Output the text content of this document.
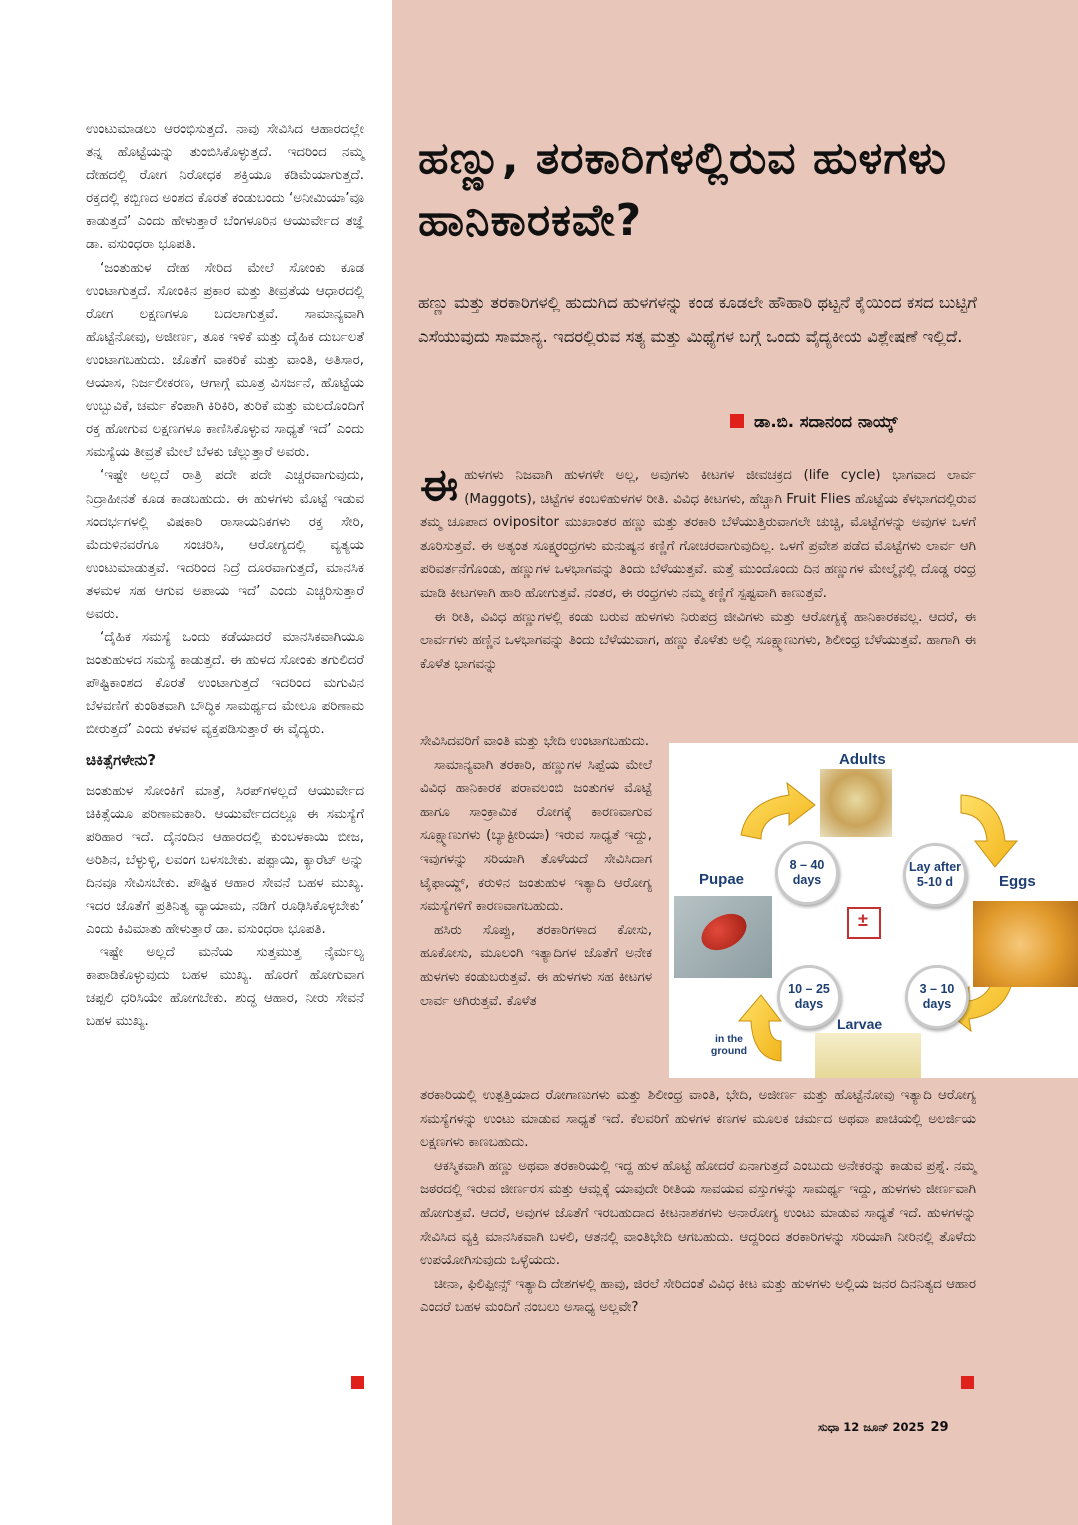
ಉಂಟುಮಾಡಲು ಆರಂಭಿಸುತ್ತದೆ. ನಾವು ಸೇವಿಸಿದ ಆಹಾರದಲ್ಲೇ ತನ್ನ ಹೊಟ್ಟೆಯನ್ನು ತುಂಬಿಸಿಕೊಳ್ಳುತ್ತದೆ. ಇದರಿಂದ ನಮ್ಮ ದೇಹದಲ್ಲಿ ರೋಗ ನಿರೋಧಕ ಶಕ್ತಿಯೂ ಕಡಿಮೆಯಾಗುತ್ತದೆ. ರಕ್ತದಲ್ಲಿ ಕಬ್ಬಿಣದ ಅಂಶದ ಕೊರತೆ ಕಂಡುಬಂದು ‘ಅನೀಮಿಯಾ’ವೂ ಕಾಡುತ್ತದೆ’ ಎಂದು ಹೇಳುತ್ತಾರೆ ಬೆಂಗಳೂರಿನ ಆಯುರ್ವೇದ ತಜ್ಞೆ ಡಾ. ವಸುಂಧರಾ ಭೂಪತಿ.

‘ಜಂತುಹುಳ ದೇಹ ಸೇರಿದ ಮೇಲೆ ಸೋಂಕು ಕೂಡ ಉಂಟಾಗುತ್ತದೆ. ಸೋಂಕಿನ ಪ್ರಕಾರ ಮತ್ತು ತೀವ್ರತೆಯ ಆಧಾರದಲ್ಲಿ ರೋಗ ಲಕ್ಷಣಗಳೂ ಬದಲಾಗುತ್ತವೆ. ಸಾಮಾನ್ಯವಾಗಿ ಹೊಟ್ಟೆನೋವು, ಅಜೀರ್ಣ, ತೂಕ ಇಳಿಕೆ ಮತ್ತು ದೈಹಿಕ ದುರ್ಬಲತೆ ಉಂಟಾಗಬಹುದು. ಜೊತೆಗೆ ವಾಕರಿಕೆ ಮತ್ತು ವಾಂತಿ, ಅತಿಸಾರ, ಆಯಾಸ, ನಿರ್ಜಲೀಕರಣ, ಆಗಾಗ್ಗೆ ಮೂತ್ರ ವಿಸರ್ಜನೆ, ಹೊಟ್ಟೆಯ ಉಬ್ಬುವಿಕೆ, ಚರ್ಮ ಕೆಂಪಾಗಿ ಕಿರಿಕಿರಿ, ತುರಿಕೆ ಮತ್ತು ಮಲದೊಂದಿಗೆ ರಕ್ತ ಹೋಗುವ ಲಕ್ಷಣಗಳೂ ಕಾಣಿಸಿಕೊಳ್ಳುವ ಸಾಧ್ಯತೆ ಇದೆ’ ಎಂದು ಸಮಸ್ಯೆಯ ತೀವ್ರತೆ ಮೇಲೆ ಬೆಳಕು ಚೆಲ್ಲುತ್ತಾರೆ ಅವರು.

‘ಇಷ್ಟೇ ಅಲ್ಲದೆ ರಾತ್ರಿ ಪದೇ ಪದೇ ಎಚ್ಚರವಾಗುವುದು, ನಿದ್ರಾಹೀನತೆ ಕೂಡ ಕಾಡಬಹುದು. ಈ ಹುಳಗಳು ಮೊಟ್ಟೆ ಇಡುವ ಸಂದರ್ಭಗಳಲ್ಲಿ ವಿಷಕಾರಿ ರಾಸಾಯನಿಕಗಳು ರಕ್ತ ಸೇರಿ, ಮೆದುಳಿನವರೆಗೂ ಸಂಚರಿಸಿ, ಆರೋಗ್ಯದಲ್ಲಿ ವ್ಯತ್ಯಯ ಉಂಟುಮಾಡುತ್ತವೆ. ಇದರಿಂದ ನಿದ್ರೆ ದೂರವಾಗುತ್ತದೆ, ಮಾನಸಿಕ ತಳಮಳ ಸಹ ಆಗುವ ಅಪಾಯ ಇದೆ’ ಎಂದು ಎಚ್ಚರಿಸುತ್ತಾರೆ ಅವರು.

‘ದೈಹಿಕ ಸಮಸ್ಯೆ ಒಂದು ಕಡೆಯಾದರೆ ಮಾನಸಿಕವಾಗಿಯೂ ಜಂತುಹುಳದ ಸಮಸ್ಯೆ ಕಾಡುತ್ತದೆ. ಈ ಹುಳದ ಸೋಂಕು ತಗುಲಿದರೆ ಪೌಷ್ಟಿಕಾಂಶದ ಕೊರತೆ ಉಂಟಾಗುತ್ತದೆ ಇದರಿಂದ ಮಗುವಿನ ಬೆಳವಣಿಗೆ ಕುಂಠಿತವಾಗಿ ಬೌದ್ಧಿಕ ಸಾಮರ್ಥ್ಯದ ಮೇಲೂ ಪರಿಣಾಮ ಬೀರುತ್ತದೆ’ ಎಂದು ಕಳವಳ ವ್ಯಕ್ತಪಡಿಸುತ್ತಾರೆ ಈ ವೈದ್ಯರು.

ಚಿಕಿತ್ಸೆಗಳೇನು?

ಜಂತುಹುಳ ಸೋಂಕಿಗೆ ಮಾತ್ರೆ, ಸಿರಪ್‌ಗಳಲ್ಲದೆ ಆಯುರ್ವೇದ ಚಿಕಿತ್ಸೆಯೂ ಪರಿಣಾಮಕಾರಿ. ಆಯುರ್ವೇದದಲ್ಲೂ ಈ ಸಮಸ್ಯೆಗೆ ಪರಿಹಾರ ಇದೆ. ದೈನಂದಿನ ಆಹಾರದಲ್ಲಿ ಕುಂಬಳಕಾಯಿ ಬೀಜ, ಅರಿಶಿನ, ಬೆಳ್ಳುಳ್ಳಿ, ಲವಂಗ ಬಳಸಬೇಕು. ಪಪ್ಪಾಯಿ, ಕ್ಯಾರೆಟ್ ಅನ್ನು ದಿನವೂ ಸೇವಿಸಬೇಕು. ಪೌಷ್ಟಿಕ ಆಹಾರ ಸೇವನೆ ಬಹಳ ಮುಖ್ಯ. ಇದರ ಜೊತೆಗೆ ಪ್ರತಿನಿತ್ಯ ವ್ಯಾಯಾಮ, ನಡಿಗೆ ರೂಢಿಸಿಕೊಳ್ಳಬೇಕು’ ಎಂದು ಕಿವಿಮಾತು ಹೇಳುತ್ತಾರೆ ಡಾ. ವಸುಂಧರಾ ಭೂಪತಿ.

ಇಷ್ಟೇ ಅಲ್ಲದೆ ಮನೆಯ ಸುತ್ತಮುತ್ತ ನೈರ್ಮಲ್ಯ ಕಾಪಾಡಿಕೊಳ್ಳುವುದು ಬಹಳ ಮುಖ್ಯ. ಹೊರಗೆ ಹೋಗುವಾಗ ಚಪ್ಪಲಿ ಧರಿಸಿಯೇ ಹೋಗಬೇಕು. ಶುದ್ಧ ಆಹಾರ, ನೀರು ಸೇವನೆ ಬಹಳ ಮುಖ್ಯ.

ಹಣ್ಣು, ತರಕಾರಿಗಳಲ್ಲಿರುವ ಹುಳಗಳು ಹಾನಿಕಾರಕವೇ?

ಹಣ್ಣು ಮತ್ತು ತರಕಾರಿಗಳಲ್ಲಿ ಹುದುಗಿದ ಹುಳಗಳನ್ನು ಕಂಡ ಕೂಡಲೇ ಹೌಹಾರಿ ಥಟ್ಟನೆ ಕೈಯಿಂದ ಕಸದ ಬುಟ್ಟಿಗೆ ಎಸೆಯುವುದು ಸಾಮಾನ್ಯ. ಇದರಲ್ಲಿರುವ ಸತ್ಯ ಮತ್ತು ಮಿಥ್ಯೆಗಳ ಬಗ್ಗೆ ಒಂದು ವೈದ್ಯಕೀಯ ವಿಶ್ಲೇಷಣೆ ಇಲ್ಲಿದೆ.

ಡಾ.ಬಿ. ಸದಾನಂದ ನಾಯ್ಕ್

ಈಹುಳಗಳು ನಿಜವಾಗಿ ಹುಳಗಳೇ ಅಲ್ಲ, ಅವುಗಳು ಕೀಟಗಳ ಜೀವಚಕ್ರದ (life cycle) ಭಾಗವಾದ ಲಾರ್ವ (Maggots), ಚಿಟ್ಟೆಗಳ ಕಂಬಳಿಹುಳಗಳ ರೀತಿ. ವಿವಿಧ ಕೀಟಗಳು, ಹೆಚ್ಚಾಗಿ Fruit Flies ಹೊಟ್ಟೆಯ ಕೆಳಭಾಗದಲ್ಲಿರುವ ತಮ್ಮ ಚೂಪಾದ ovipositor ಮುಖಾಂತರ ಹಣ್ಣು ಮತ್ತು ತರಕಾರಿ ಬೆಳೆಯುತ್ತಿರುವಾಗಲೇ ಚುಚ್ಚಿ, ಮೊಟ್ಟೆಗಳನ್ನು ಅವುಗಳ ಒಳಗೆ ತೂರಿಸುತ್ತವೆ. ಈ ಅತ್ಯಂತ ಸೂಕ್ಷ್ಮರಂಧ್ರಗಳು ಮನುಷ್ಯನ ಕಣ್ಣಿಗೆ ಗೋಚರವಾಗುವುದಿಲ್ಲ. ಒಳಗೆ ಪ್ರವೇಶ ಪಡೆದ ಮೊಟ್ಟೆಗಳು ಲಾರ್ವ ಆಗಿ ಪರಿವರ್ತನೆಗೊಂಡು, ಹಣ್ಣುಗಳ ಒಳಭಾಗವನ್ನು ತಿಂದು ಬೆಳೆಯುತ್ತವೆ. ಮತ್ತೆ ಮುಂದೊಂದು ದಿನ ಹಣ್ಣುಗಳ ಮೇಲ್ಮೈನಲ್ಲಿ ದೊಡ್ಡ ರಂಧ್ರ ಮಾಡಿ ಕೀಟಗಳಾಗಿ ಹಾರಿ ಹೋಗುತ್ತವೆ. ನಂತರ, ಈ ರಂಧ್ರಗಳು ನಮ್ಮ ಕಣ್ಣಿಗೆ ಸ್ಪಷ್ಟವಾಗಿ ಕಾಣುತ್ತವೆ.

ಈ ರೀತಿ, ವಿವಿಧ ಹಣ್ಣುಗಳಲ್ಲಿ ಕಂಡು ಬರುವ ಹುಳಗಳು ನಿರುಪದ್ರ ಜೀವಿಗಳು ಮತ್ತು ಆರೋಗ್ಯಕ್ಕೆ ಹಾನಿಕಾರಕವಲ್ಲ. ಆದರೆ, ಈ ಲಾರ್ವಗಳು ಹಣ್ಣಿನ ಒಳಭಾಗವನ್ನು ತಿಂದು ಬೆಳೆಯುವಾಗ, ಹಣ್ಣು ಕೊಳೆತು ಅಲ್ಲಿ ಸೂಕ್ಷ್ಮಾಣುಗಳು, ಶಿಲೀಂಧ್ರ ಬೆಳೆಯುತ್ತವೆ. ಹಾಗಾಗಿ ಈ ಕೊಳೆತ ಭಾಗವನ್ನು

ಸೇವಿಸಿದವರಿಗೆ ವಾಂತಿ ಮತ್ತು ಭೇದಿ ಉಂಟಾಗಬಹುದು.

ಸಾಮಾನ್ಯವಾಗಿ ತರಕಾರಿ, ಹಣ್ಣುಗಳ ಸಿಪ್ಪೆಯ ಮೇಲೆ ವಿವಿಧ ಹಾನಿಕಾರಕ ಪರಾವಲಂಬಿ ಜಂತುಗಳ ಮೊಟ್ಟೆ ಹಾಗೂ ಸಾಂಕ್ರಾಮಿಕ ರೋಗಕ್ಕೆ ಕಾರಣವಾಗುವ ಸೂಕ್ಷ್ಮಾಣುಗಳು (ಬ್ಯಾಕ್ಟೀರಿಯಾ) ಇರುವ ಸಾಧ್ಯತೆ ಇದ್ದು, ಇವುಗಳನ್ನು ಸರಿಯಾಗಿ ತೊಳೆಯದೆ ಸೇವಿಸಿದಾಗ ಟೈಫಾಯ್ಡ್, ಕರುಳಿನ ಜಂತುಹುಳ ಇತ್ಯಾದಿ ಆರೋಗ್ಯ ಸಮಸ್ಯೆಗಳಿಗೆ ಕಾರಣವಾಗಬಹುದು.

ಹಸಿರು ಸೊಪ್ಪು, ತರಕಾರಿಗಳಾದ ಕೋಸು, ಹೂಕೋಸು, ಮೂಲಂಗಿ ಇತ್ಯಾದಿಗಳ ಜೊತೆಗೆ ಅನೇಕ ಹುಳಗಳು ಕಂಡುಬರುತ್ತವೆ. ಈ ಹುಳಗಳು ಸಹ ಕೀಟಗಳ ಲಾರ್ವ ಆಗಿರುತ್ತವೆ. ಕೊಳೆತ

Adults
Eggs
Larvae
Pupae
in the ground
8 – 40 days
Lay after 5-10 d
3 – 10 days
10 – 25 days
±

ತರಕಾರಿಯಲ್ಲಿ ಉತ್ಪತ್ತಿಯಾದ ರೋಗಾಣುಗಳು ಮತ್ತು ಶಿಲೀಂಧ್ರ ವಾಂತಿ, ಭೇದಿ, ಅಜೀರ್ಣ ಮತ್ತು ಹೊಟ್ಟೆನೋವು ಇತ್ಯಾದಿ ಆರೋಗ್ಯ ಸಮಸ್ಯೆಗಳನ್ನು ಉಂಟು ಮಾಡುವ ಸಾಧ್ಯತೆ ಇದೆ. ಕೆಲವರಿಗೆ ಹುಳಗಳ ಕಣಗಳ ಮೂಲಕ ಚರ್ಮದ ಅಥವಾ ಪಾಚಿಯಲ್ಲಿ ಅಲರ್ಜಿಯ ಲಕ್ಷಣಗಳು ಕಾಣಬಹುದು.

ಆಕಸ್ಮಿಕವಾಗಿ ಹಣ್ಣು ಅಥವಾ ತರಕಾರಿಯಲ್ಲಿ ಇದ್ದ ಹುಳ ಹೊಟ್ಟೆ ಹೋದರೆ ಏನಾಗುತ್ತದೆ ಎಂಬುದು ಅನೇಕರನ್ನು ಕಾಡುವ ಪ್ರಶ್ನೆ. ನಮ್ಮ ಜಠರದಲ್ಲಿ ಇರುವ ಜೀರ್ಣರಸ ಮತ್ತು ಆಮ್ಲಕ್ಕೆ ಯಾವುದೇ ರೀತಿಯ ಸಾವಯವ ವಸ್ತುಗಳನ್ನು ಸಾಮರ್ಥ್ಯ ಇದ್ದು, ಹುಳಗಳು ಜೀರ್ಣವಾಗಿ ಹೋಗುತ್ತವೆ. ಆದರೆ, ಅವುಗಳ ಜೊತೆಗೆ ಇರಬಹುದಾದ ಕೀಟನಾಶಕಗಳು ಅನಾರೋಗ್ಯ ಉಂಟು ಮಾಡುವ ಸಾಧ್ಯತೆ ಇದೆ. ಹುಳಗಳನ್ನು ಸೇವಿಸಿದ ವ್ಯಕ್ತಿ ಮಾನಸಿಕವಾಗಿ ಬಳಲಿ, ಆತನಲ್ಲಿ ವಾಂತಿಭೇದಿ ಆಗಬಹುದು. ಆದ್ದರಿಂದ ತರಕಾರಿಗಳನ್ನು ಸರಿಯಾಗಿ ನೀರಿನಲ್ಲಿ ತೊಳೆದು ಉಪಯೋಗಿಸುವುದು ಒಳ್ಳೆಯದು.

ಚೀನಾ, ಫಿಲಿಪ್ಪೀನ್ಸ್ ಇತ್ಯಾದಿ ದೇಶಗಳಲ್ಲಿ ಹಾವು, ಜಿರಲೆ ಸೇರಿದಂತೆ ವಿವಿಧ ಕೀಟ ಮತ್ತು ಹುಳಗಳು ಅಲ್ಲಿಯ ಜನರ ದಿನನಿತ್ಯದ ಆಹಾರ ಎಂದರೆ ಬಹಳ ಮಂದಿಗೆ ನಂಬಲು ಅಸಾಧ್ಯ ಅಲ್ಲವೇ?

ಸುಧಾ 12 ಜೂನ್ 2025 29
